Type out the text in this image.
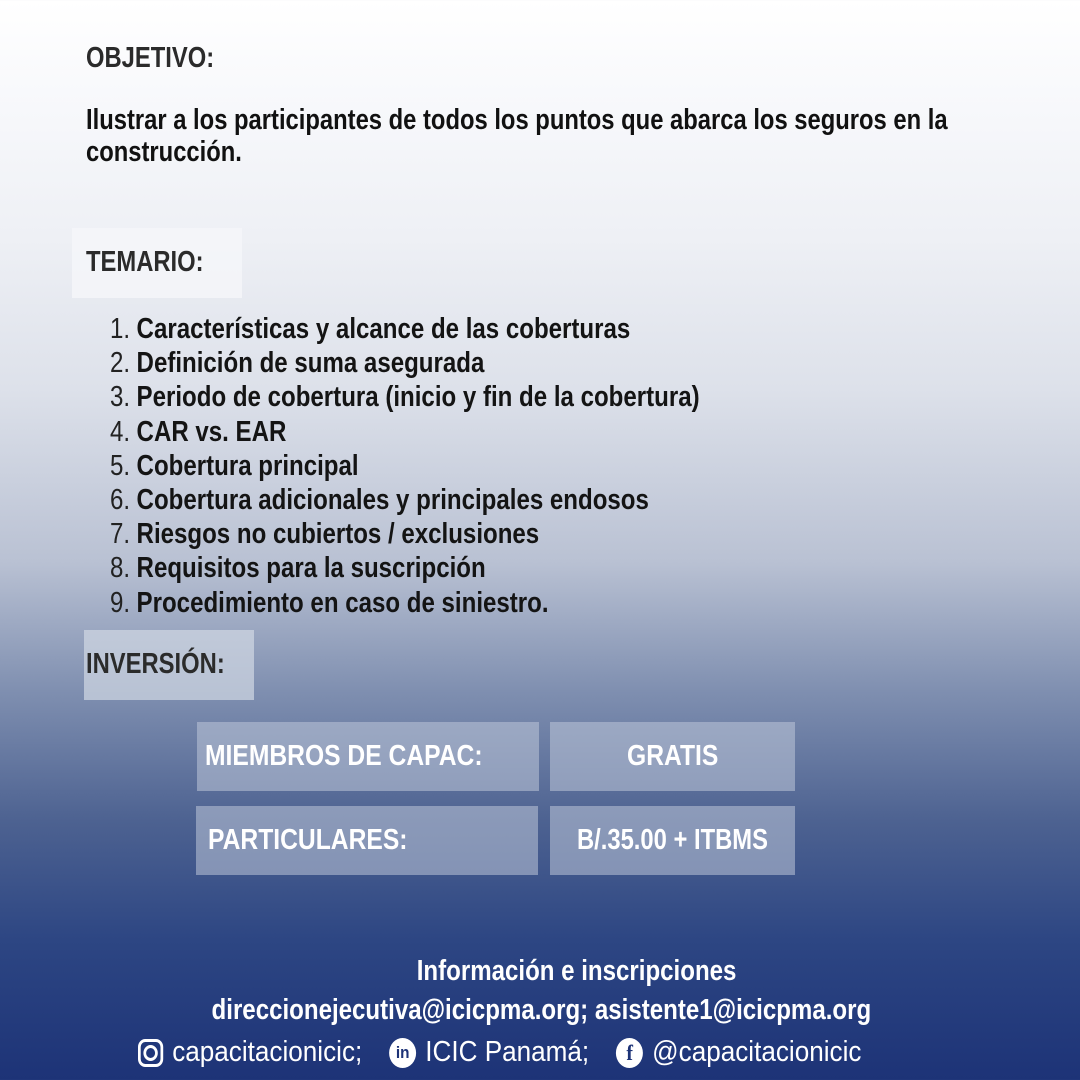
OBJETIVO:
Ilustrar a los participantes de todos los puntos que abarca los seguros en la construcción.
TEMARIO:
1. Características y alcance de las coberturas
2. Definición de suma asegurada
3. Periodo de cobertura (inicio y fin de la cobertura)
4. CAR vs. EAR
5. Cobertura principal
6. Cobertura adicionales y principales endosos
7. Riesgos no cubiertos / exclusiones
8. Requisitos para la suscripción
9. Procedimiento en caso de siniestro.
INVERSIÓN:
MIEMBROS DE CAPAC:	GRATIS
PARTICULARES:	B/.35.00 + ITBMS
Información e inscripciones
direccionejecutiva@icicpma.org; asistente1@icicpma.org
capacitacionicic;	in ICIC Panamá;	f @capacitacionicic
